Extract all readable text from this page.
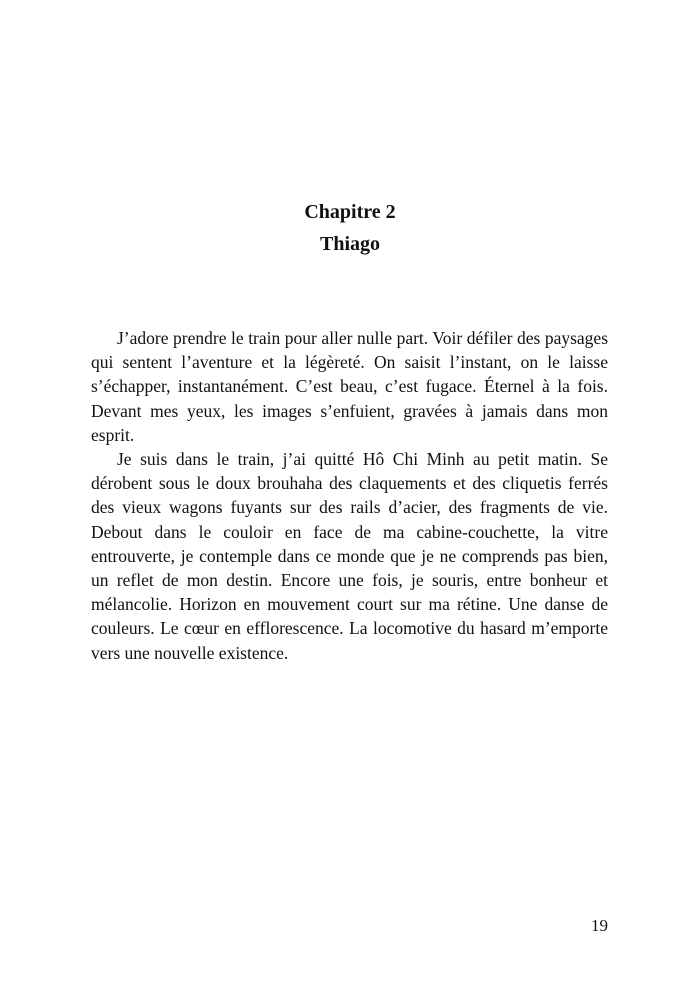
Chapitre 2
Thiago

J’adore prendre le train pour aller nulle part. Voir défiler des paysages qui sentent l’aventure et la légèreté. On saisit l’instant, on le laisse s’échapper, instantanément. C’est beau, c’est fugace. Éternel à la fois. Devant mes yeux, les images s’enfuient, gravées à jamais dans mon esprit.

Je suis dans le train, j’ai quitté Hô Chi Minh au petit matin. Se dérobent sous le doux brouhaha des claquements et des cliquetis ferrés des vieux wagons fuyants sur des rails d’acier, des fragments de vie. Debout dans le couloir en face de ma cabine-couchette, la vitre entrouverte, je contemple dans ce monde que je ne comprends pas bien, un reflet de mon destin. Encore une fois, je souris, entre bonheur et mélancolie. Horizon en mouvement court sur ma rétine. Une danse de couleurs. Le cœur en efflorescence. La locomotive du hasard m’emporte vers une nouvelle existence.

19
